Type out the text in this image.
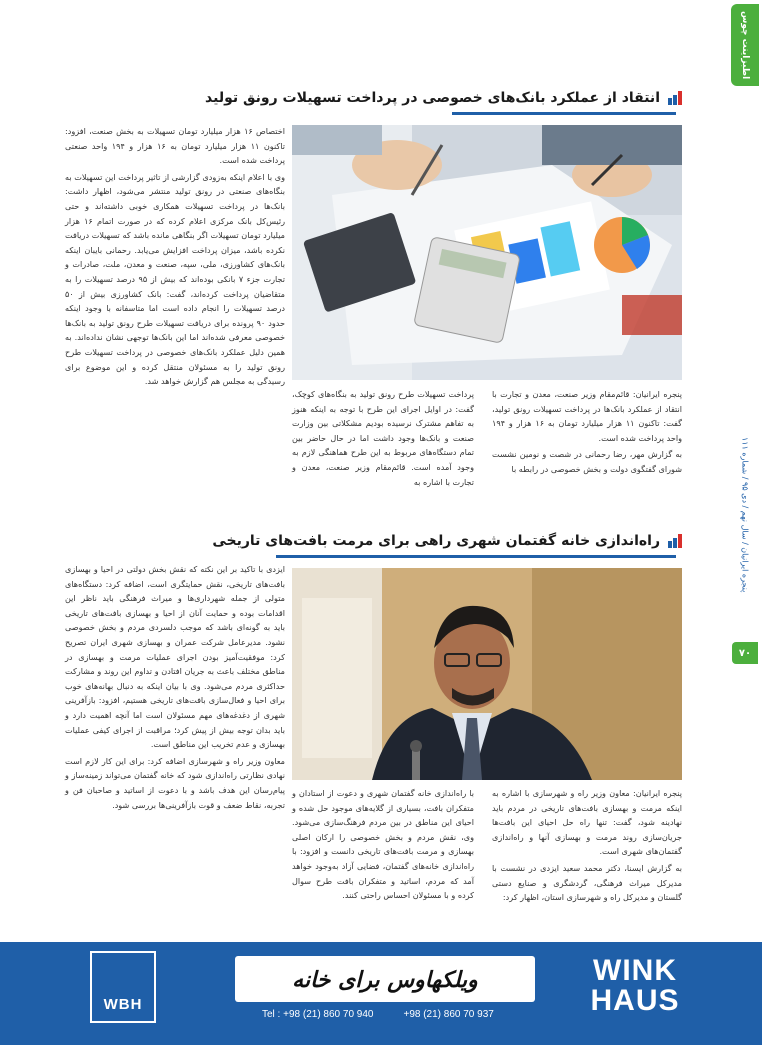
اطبزاینت چوس
پنجره ایرانیان / سال نهم / دی ۹۵ / شماره ۱۱۱
۷۰
انتقاد از عملکرد بانک‌های خصوصی در پرداخت تسهیلات رونق تولید

اختصاص ۱۶ هزار میلیارد تومان تسهیلات به بخش صنعت، افزود: تاکنون ۱۱ هزار میلیارد تومان به ۱۶ هزار و ۱۹۴ واحد صنعتی پرداخت شده است.

وی با اعلام اینکه به‌زودی گزارشی از تاثیر پرداخت این تسهیلات به بنگاه‌های صنعتی در رونق تولید منتشر می‌شود، اظهار داشت: بانک‌ها در پرداخت تسهیلات همکاری خوبی داشته‌اند و حتی رئیس‌کل بانک مرکزی اعلام کرده که در صورت اتمام ۱۶ هزار میلیارد تومان تسهیلات اگر بنگاهی مانده باشد که تسهیلات دریافت نکرده باشد، میزان پرداخت افزایش می‌یابد. رحمانی بایبان اینکه بانک‌های کشاورزی، ملی، سپه، صنعت و معدن، ملت، صادرات و تجارت جزء ۷ بانکی بوده‌اند که بیش از ۹۵ درصد تسهیلات را به متقاضیان پرداخت کرده‌اند، گفت: بانک کشاورزی بیش از ۵۰ درصد تسهیلات را انجام داده است اما متاسفانه با وجود اینکه حدود ۹۰ پرونده برای دریافت تسهیلات طرح رونق تولید به بانک‌ها خصوصی معرفی شده‌اند اما این بانک‌ها توجهی نشان نداده‌اند. به همین دلیل عملکرد بانک‌های خصوصی در پرداخت تسهیلات طرح رونق تولید را به مسئولان منتقل کرده و این موضوع برای رسیدگی به مجلس هم گزارش خواهد شد.

پرداخت تسهیلات طرح رونق تولید به بنگاه‌های کوچک، گفت: در اوایل اجرای این طرح با توجه به اینکه هنوز به تفاهم مشترک نرسیده بودیم مشکلاتی بین وزارت صنعت و بانک‌ها وجود داشت اما در حال حاضر بین تمام دستگاه‌های مربوط به این طرح هماهنگی لازم به وجود آمده است. قائم‌مقام وزیر صنعت، معدن و تجارت با اشاره به

پنجره ایرانیان: قائم‌مقام وزیر صنعت، معدن و تجارت با انتقاد از عملکرد بانک‌ها در پرداخت تسهیلات رونق تولید، گفت: تاکنون ۱۱ هزار میلیارد تومان به ۱۶ هزار و ۱۹۴ واحد پرداخت شده است.

به گزارش مهر، رضا رحمانی در شصت و نومین نشست شورای گفتگوی دولت و بخش خصوصی در رابطه با

راه‌اندازی خانه گفتمان شهری راهی برای مرمت بافت‌های تاریخی

ایزدی با تاکید بر این نکته که نقش بخش دولتی در احیا و بهسازی بافت‌های تاریخی، نقش حمایتگری است، اضافه کرد: دستگاه‌های متولی از جمله شهرداری‌ها و میراث فرهنگی باید ناظر این اقدامات بوده و حمایت آنان از احیا و بهسازی بافت‌های تاریخی باید به گونه‌ای باشد که موجب دلسردی مردم و بخش خصوصی نشود. مدیرعامل شرکت عمران و بهسازی شهری ایران تصریح کرد: موفقیت‌آمیز بودن اجرای عملیات مرمت و بهسازی در مناطق مختلف باعث به جریان افتادن و تداوم این روند و مشارکت حداکثری مردم می‌شود. وی با بیان اینکه به دنبال بهانه‌های خوب برای احیا و فعال‌سازی بافت‌های تاریخی هستیم، افزود: بازآفرینی شهری از دغدغه‌های مهم مسئولان است اما آنچه اهمیت دارد و باید بدان توجه بیش از پیش کرد؛ مراقبت از اجرای کیفی عملیات بهسازی و عدم تخریب این مناطق است.

معاون وزیر راه و شهرسازی اضافه کرد: برای این کار لازم است نهادی نظارتی راه‌اندازی شود که خانه گفتمان می‌تواند زمینه‌ساز و پیام‌رسان این هدف باشد و با دعوت از اساتید و صاحبان فن و تجربه، نقاط ضعف و قوت بازآفرینی‌ها بررسی شود.

با راه‌اندازی خانه گفتمان شهری و دعوت از استادان و متفکران بافت، بسیاری از گلایه‌های موجود حل شده و احیای این مناطق در بین مردم فرهنگ‌سازی می‌شود. وی، نقش مردم و بخش خصوصی را ارکان اصلی بهسازی و مرمت بافت‌های تاریخی دانست و افزود: با راه‌اندازی خانه‌های گفتمان، فضایی آزاد به‌وجود خواهد آمد که مردم، اساتید و متفکران بافت طرح سوال کرده و با مسئولان احساس راحتی کنند.

پنجره ایرانیان: معاون وزیر راه و شهرسازی با اشاره به اینکه مرمت و بهسازی بافت‌های تاریخی در مردم باید نهادینه شود، گفت: تنها راه حل احیای این بافت‌ها جریان‌سازی روند مرمت و بهسازی آنها و راه‌اندازی گفتمان‌های شهری است.

به گزارش ایسنا، دکتر محمد سعید ایزدی در نشست با مدیرکل میراث فرهنگی، گردشگری و صنایع دستی گلستان و مدیرکل راه و شهرسازی استان، اظهار کرد:

WBH
ویلکهاوس برای خانه
Tel : +98 (21) 860 70 940	+98 (21) 860 70 937
WINK
HAUS
